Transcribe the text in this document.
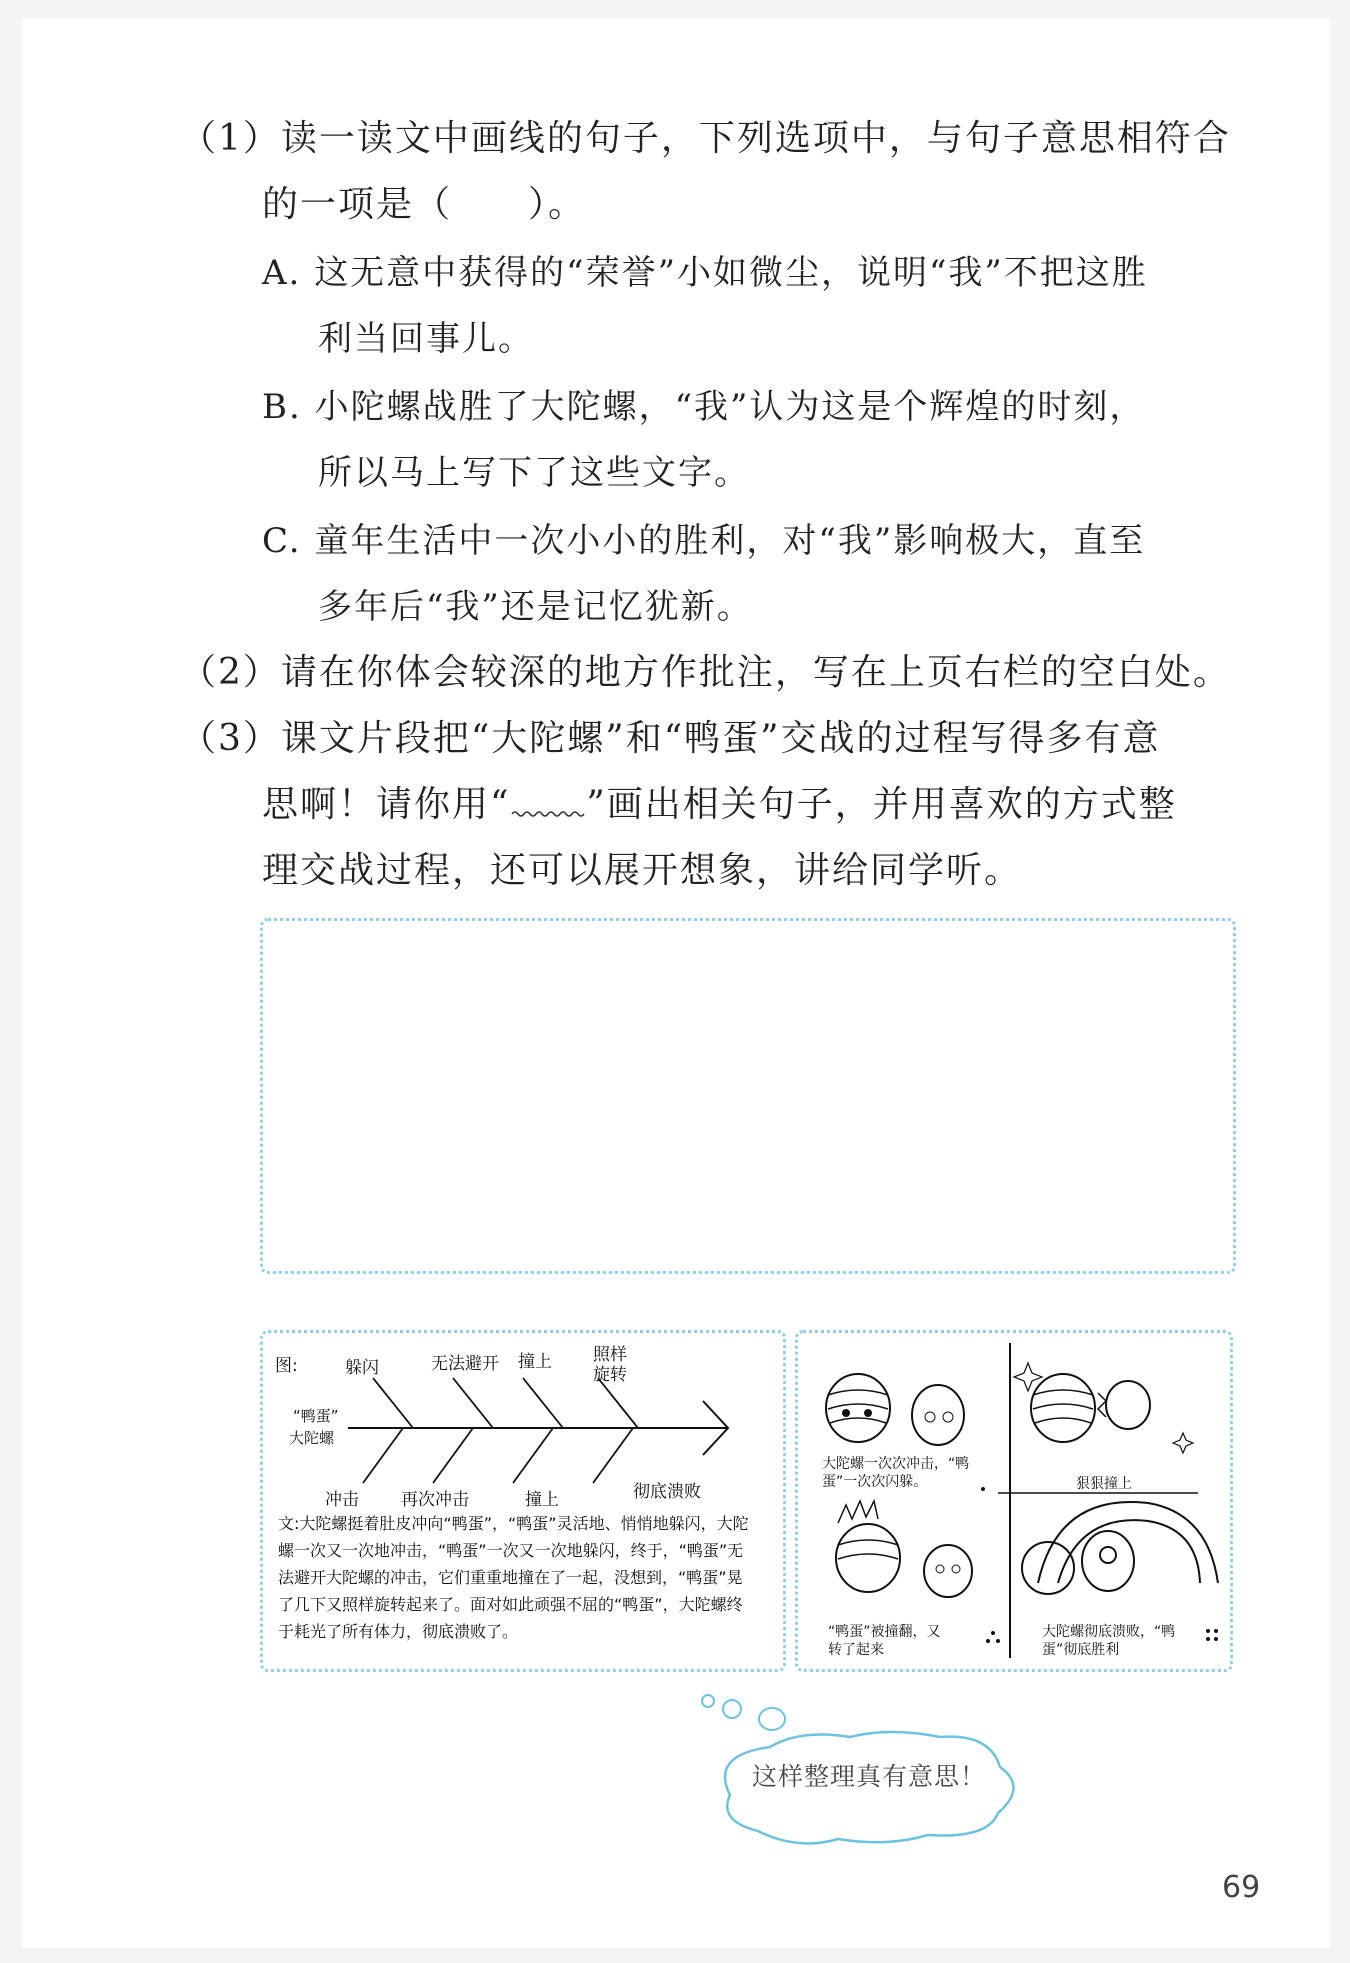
（1）读一读文中画线的句子，下列选项中，与句子意思相符合
的一项是（　　）。
A. 这无意中获得的“荣誉”小如微尘，说明“我”不把这胜
利当回事儿。
B. 小陀螺战胜了大陀螺，“我”认为这是个辉煌的时刻，
所以马上写下了这些文字。
C. 童年生活中一次小小的胜利，对“我”影响极大，直至
多年后“我”还是记忆犹新。
（2）请在你体会较深的地方作批注，写在上页右栏的空白处。
（3）课文片段把“大陀螺”和“鸭蛋”交战的过程写得多有意
思啊！请你用“ ”画出相关句子，并用喜欢的方式整
理交战过程，还可以展开想象，讲给同学听。
图:
“鸭蛋”
大陀螺
躲闪	无法避开 撞上 照样旋转
冲击 再次冲击	撞上	彻底溃败
文:大陀螺挺着肚皮冲向“鸭蛋”，“鸭蛋”灵活地、悄悄地躲闪，大陀螺一次又一次地冲击，“鸭蛋”一次又一次地躲闪，终于，“鸭蛋”无法避开大陀螺的冲击，它们重重地撞在了一起，没想到，“鸭蛋”晃了几下又照样旋转起来了。面对如此顽强不屈的“鸭蛋”，大陀螺终于耗光了所有体力，彻底溃败了。
大陀螺一次次冲击，“鸭蛋”一次次闪躲。	狠狠撞上
“鸭蛋”被撞翻，又转了起来
大陀螺彻底溃败，“鸭蛋”彻底胜利
这样整理真有意思！
69
